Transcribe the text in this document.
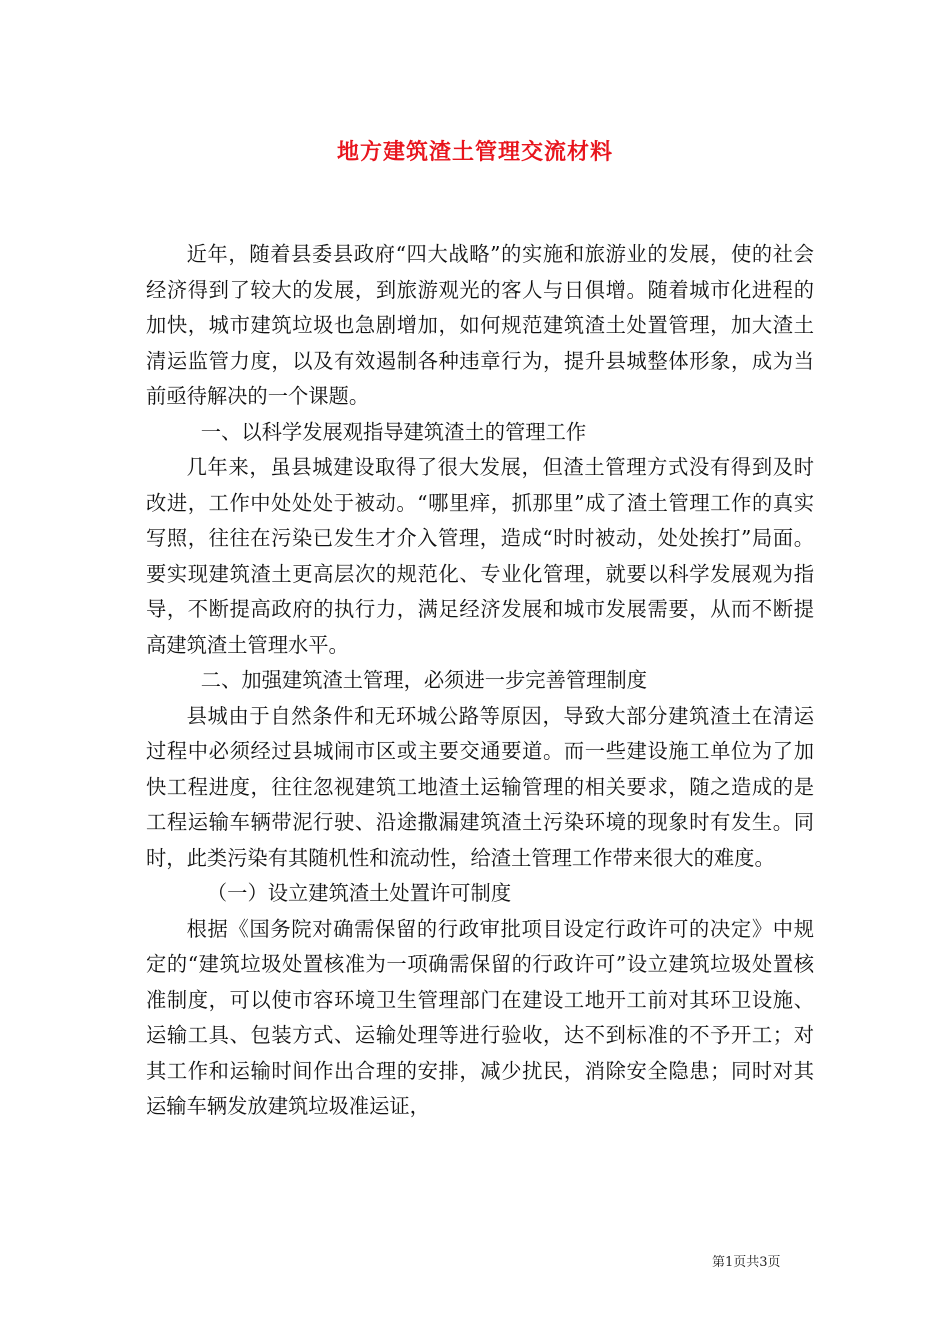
地方建筑渣土管理交流材料

近年，随着县委县政府“四大战略”的实施和旅游业的发展，使的社会经济得到了较大的发展，到旅游观光的客人与日俱增。随着城市化进程的加快，城市建筑垃圾也急剧增加，如何规范建筑渣土处置管理，加大渣土清运监管力度，以及有效遏制各种违章行为，提升县城整体形象，成为当前亟待解决的一个课题。

一、以科学发展观指导建筑渣土的管理工作

几年来，虽县城建设取得了很大发展，但渣土管理方式没有得到及时改进，工作中处处处于被动。“哪里痒，抓那里”成了渣土管理工作的真实写照，往往在污染已发生才介入管理，造成“时时被动，处处挨打”局面。要实现建筑渣土更高层次的规范化、专业化管理，就要以科学发展观为指导，不断提高政府的执行力，满足经济发展和城市发展需要，从而不断提高建筑渣土管理水平。

二、加强建筑渣土管理，必须进一步完善管理制度

县城由于自然条件和无环城公路等原因，导致大部分建筑渣土在清运过程中必须经过县城闹市区或主要交通要道。而一些建设施工单位为了加快工程进度，往往忽视建筑工地渣土运输管理的相关要求，随之造成的是工程运输车辆带泥行驶、沿途撒漏建筑渣土污染环境的现象时有发生。同时，此类污染有其随机性和流动性，给渣土管理工作带来很大的难度。

（一）设立建筑渣土处置许可制度

根据《国务院对确需保留的行政审批项目设定行政许可的决定》中规定的“建筑垃圾处置核准为一项确需保留的行政许可”设立建筑垃圾处置核准制度，可以使市容环境卫生管理部门在建设工地开工前对其环卫设施、运输工具、包装方式、运输处理等进行验收，达不到标准的不予开工；对其工作和运输时间作出合理的安排，减少扰民，消除安全隐患；同时对其运输车辆发放建筑垃圾准运证，

第1页共3页
